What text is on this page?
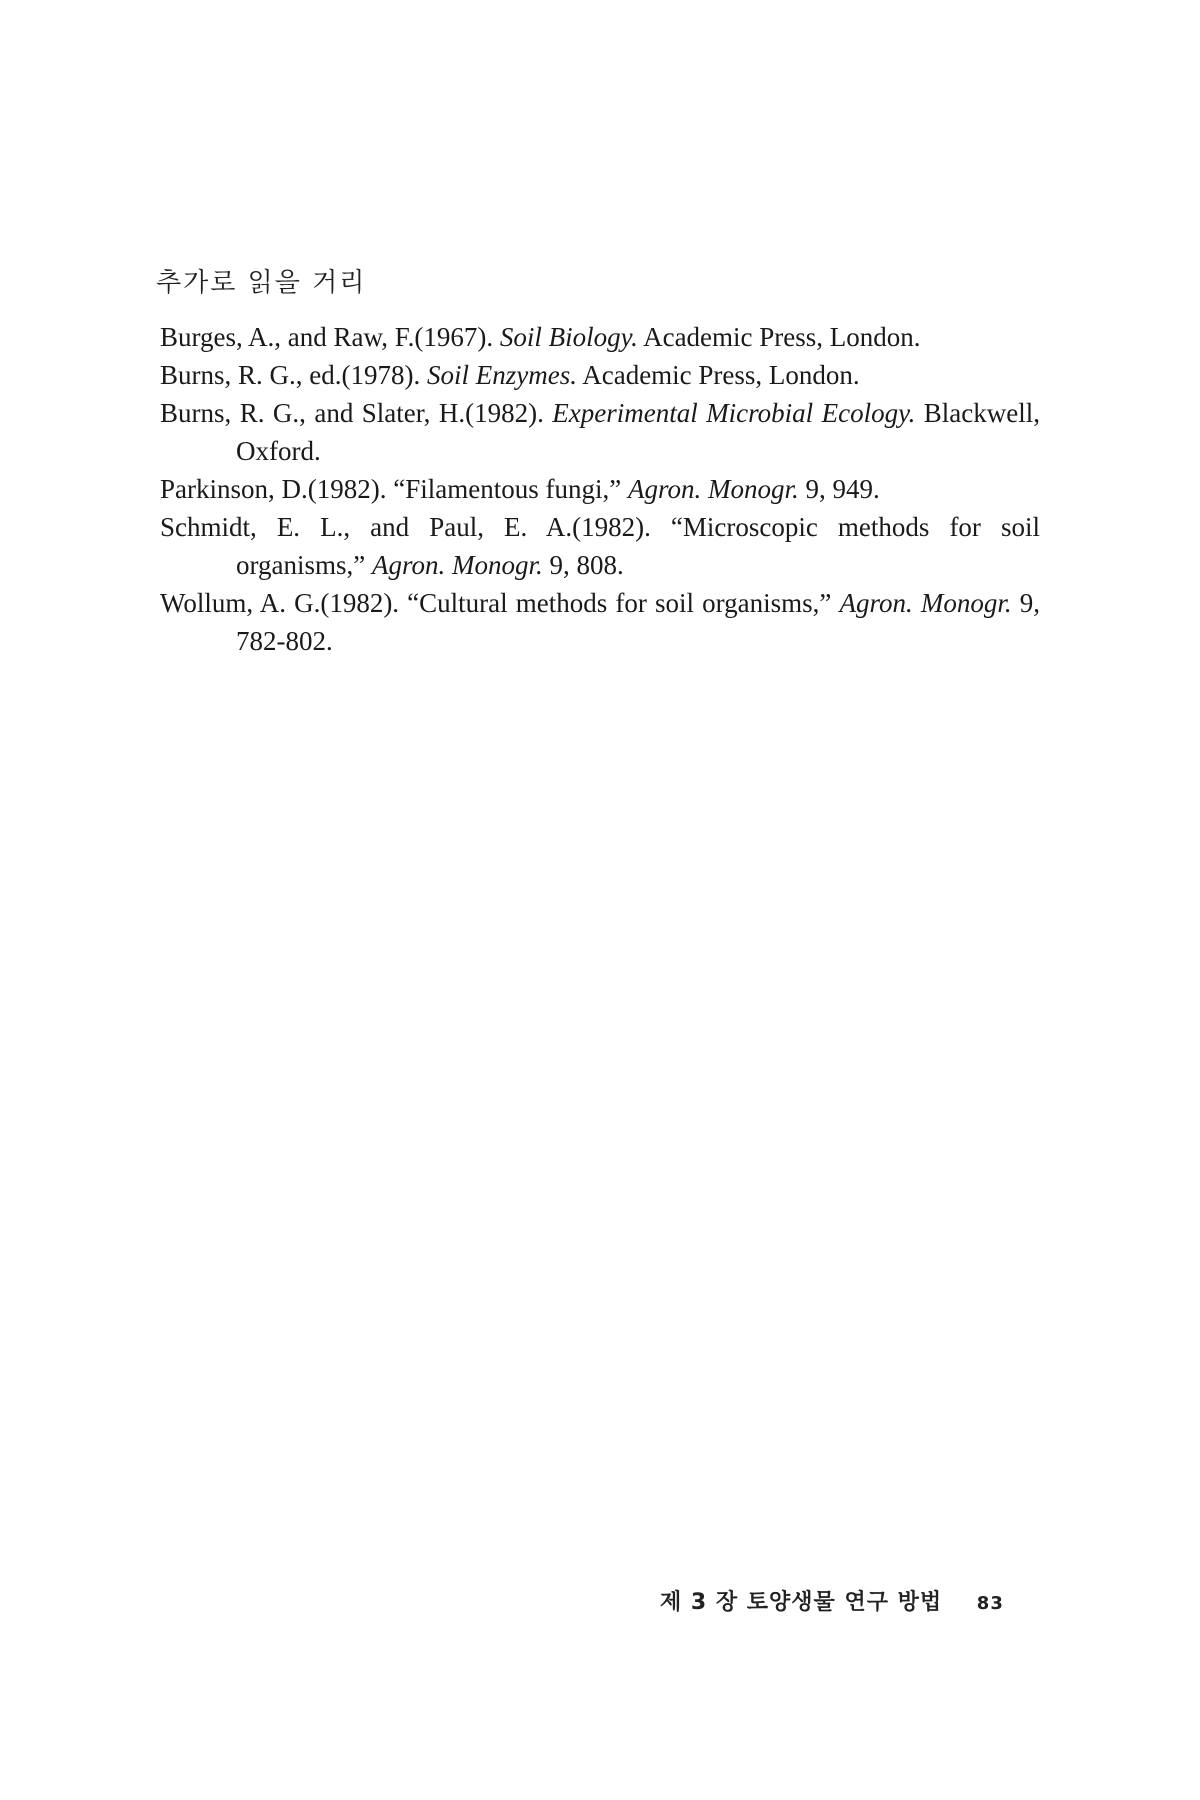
추가로 읽을 거리
Burges, A., and Raw, F.(1967). Soil Biology. Academic Press, London.
Burns, R. G., ed.(1978). Soil Enzymes. Academic Press, London.
Burns, R. G., and Slater, H.(1982). Experimental Microbial Ecology. Blackwell, Oxford.
Parkinson, D.(1982). “Filamentous fungi,” Agron. Monogr. 9, 949.
Schmidt, E. L., and Paul, E. A.(1982). “Microscopic methods for soil organisms,” Agron. Monogr. 9, 808.
Wollum, A. G.(1982). “Cultural methods for soil organisms,” Agron. Monogr. 9, 782-802.
제 3 장 토양생물 연구 방법 83
